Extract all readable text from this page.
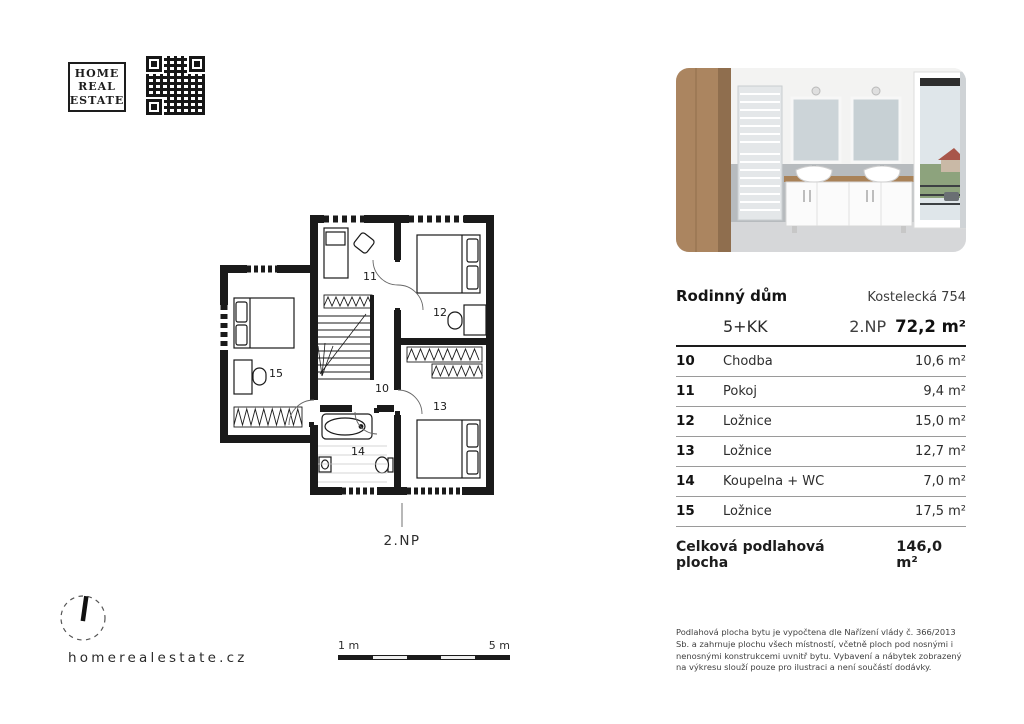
HOME
REAL
ESTATE
Rodinný dům	Kostelecká 754
5+KK	2.NP 72,2 m²
10	Chodba	10,6 m²
11	Pokoj	9,4 m²
12	Ložnice	15,0 m²
13	Ložnice	12,7 m²
14	Koupelna + WC	7,0 m²
15	Ložnice	17,5 m²
Celková podlahová plocha
146,0 m²
Podlahová plocha bytu je vypočtena dle Nařízení vlády č. 366/2013 Sb. a zahrnuje plochu všech místností, včetně ploch pod nosnými i nenosnými konstrukcemi uvnitř bytu. Vybavení a nábytek zobrazený na výkresu slouží pouze pro ilustraci a není součástí dodávky.
11
12
10
13
14
15
2.NP
homerealestate.cz
1 m	5 m
